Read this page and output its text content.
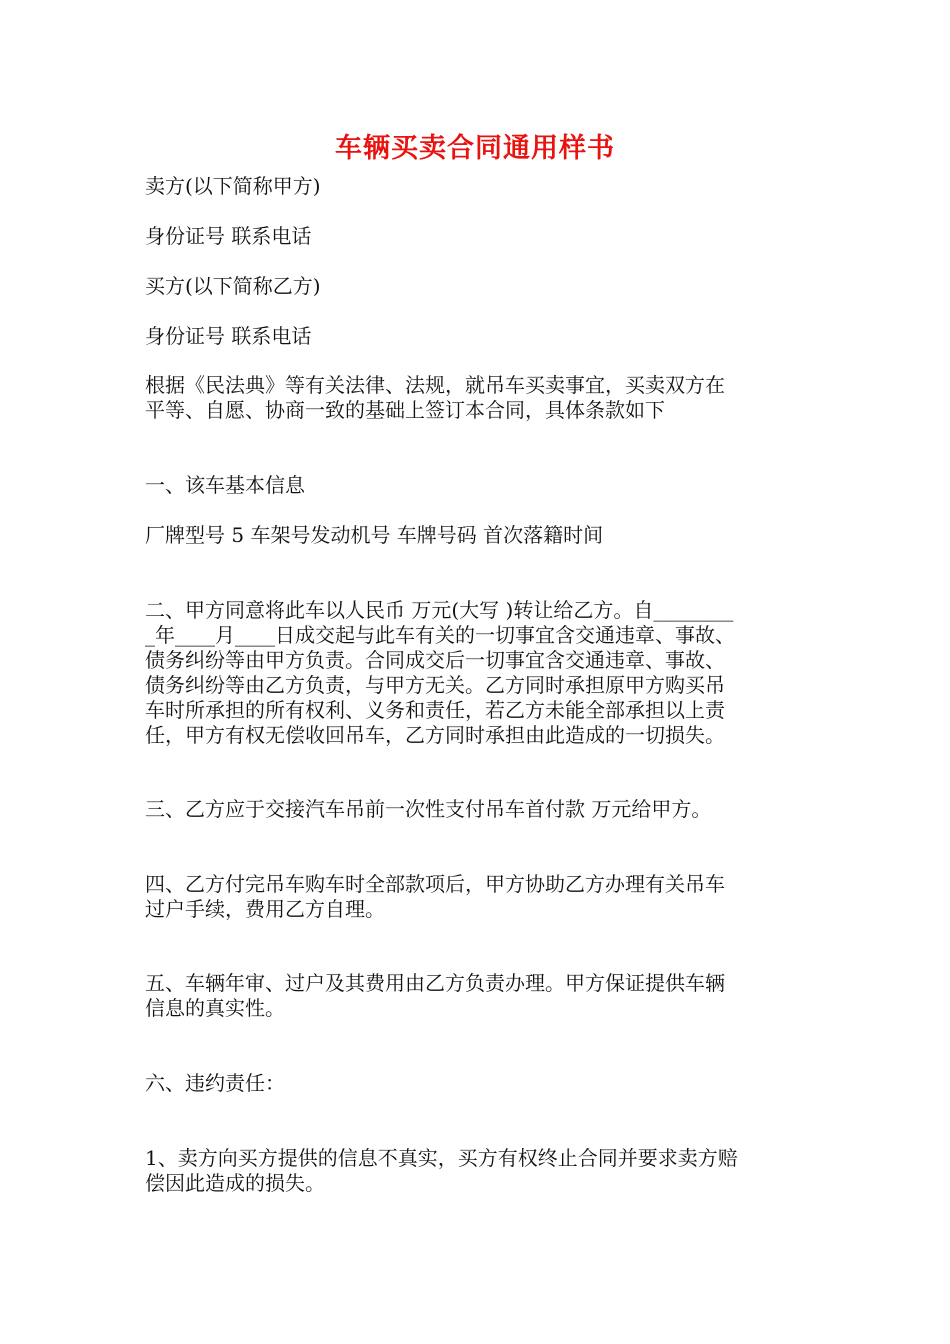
车辆买卖合同通用样书
卖方(以下简称甲方)
身份证号 联系电话
买方(以下简称乙方)
身份证号 联系电话
根据《民法典》等有关法律、法规，就吊车买卖事宜，买卖双方在
平等、自愿、协商一致的基础上签订本合同，具体条款如下
一、该车基本信息
厂牌型号 5 车架号发动机号 车牌号码 首次落籍时间
二、甲方同意将此车以人民币 万元(大写 )转让给乙方。自________
_年____月____日成交起与此车有关的一切事宜含交通违章、事故、
债务纠纷等由甲方负责。合同成交后一切事宜含交通违章、事故、
债务纠纷等由乙方负责，与甲方无关。乙方同时承担原甲方购买吊
车时所承担的所有权利、义务和责任，若乙方未能全部承担以上责
任，甲方有权无偿收回吊车，乙方同时承担由此造成的一切损失。
三、乙方应于交接汽车吊前一次性支付吊车首付款 万元给甲方。
四、乙方付完吊车购车时全部款项后，甲方协助乙方办理有关吊车
过户手续，费用乙方自理。
五、车辆年审、过户及其费用由乙方负责办理。甲方保证提供车辆
信息的真实性。
六、违约责任：
1、卖方向买方提供的信息不真实，买方有权终止合同并要求卖方赔
偿因此造成的损失。
